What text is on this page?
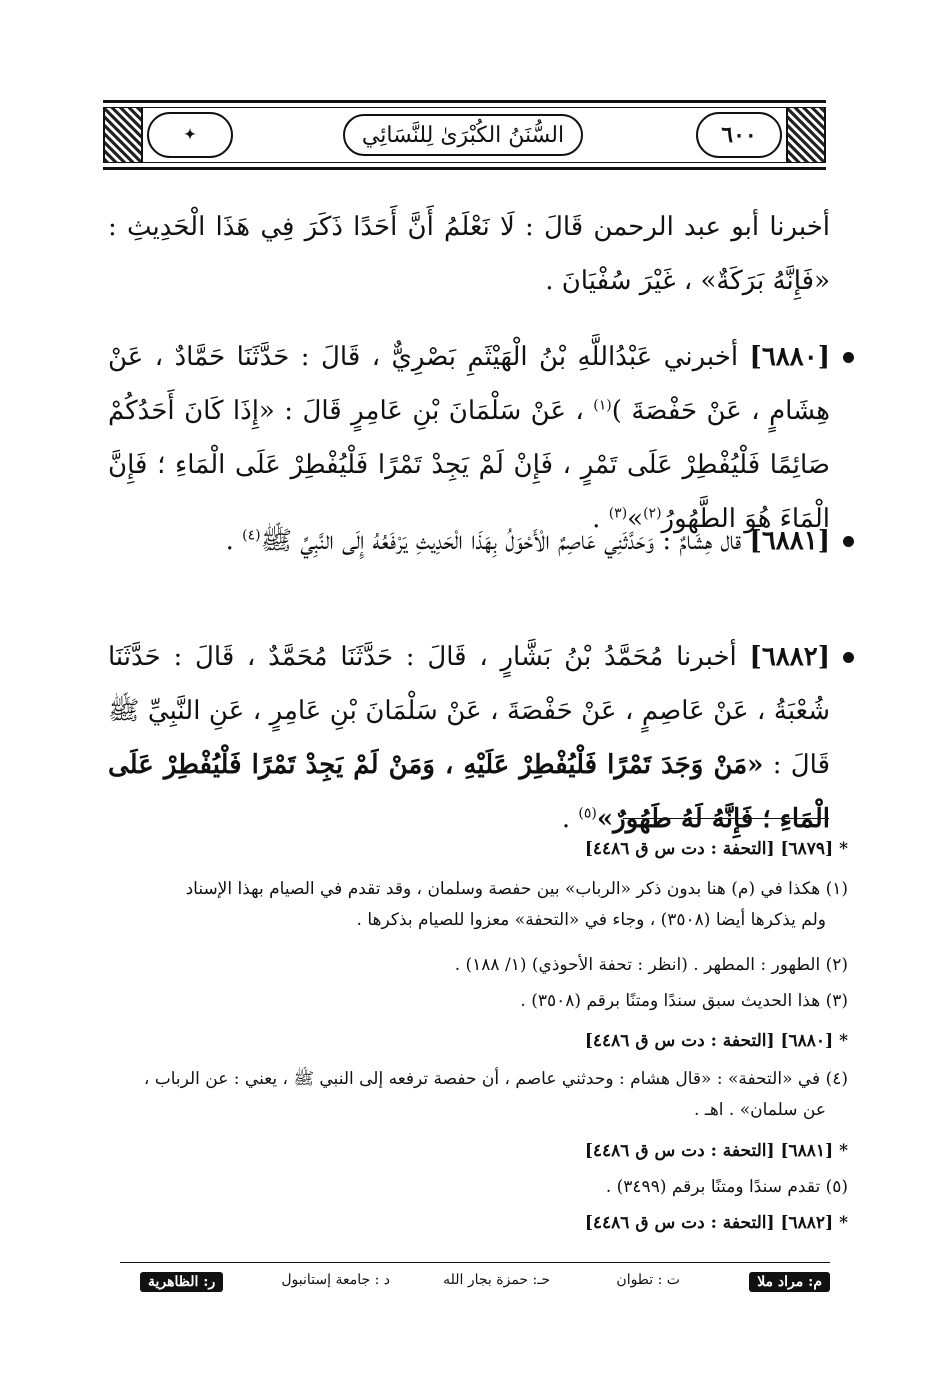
٦٠٠
✦	السُّنَنُ الكُبْرَىٰ لِلنَّسَائِي
أخبرنا أبو عبد الرحمن قَالَ : لَا نَعْلَمُ أَنَّ أَحَدًا ذَكَرَ فِي هَذَا الْحَدِيثِ : «فَإِنَّهُ بَرَكَةٌ» ، غَيْرَ سُفْيَانَ .
[٦٨٨٠] أخبرني عَبْدُاللَّهِ بْنُ الْهَيْثَمِ بَصْرِيٌّ ، قَالَ : حَدَّثَنَا حَمَّادٌ ، عَنْ هِشَامٍ ، عَنْ حَفْصَةَ )$^{(١)}$ ، عَنْ سَلْمَانَ بْنِ عَامِرٍ قَالَ : «إِذَا كَانَ أَحَدُكُمْ صَائِمًا فَلْيُفْطِرْ عَلَى تَمْرٍ ، فَإِنْ لَمْ يَجِدْ تَمْرًا فَلْيُفْطِرْ عَلَى الْمَاءِ ؛ فَإِنَّ الْمَاءَ هُوَ الطَّهُورُ$^{(٢)}$»$^{(٣)}$ .
[٦٨٨١] قال هِشَامٌ : وَحَدَّثَنِي عَاصِمٌ الْأَحْوَلُ بِهَذَا الْحَدِيثِ يَرْفَعُهُ إِلَى النَّبِيِّ ﷺ$^{(٤)}$ .
[٦٨٨٢] أخبرنا مُحَمَّدُ بْنُ بَشَّارٍ ، قَالَ : حَدَّثَنَا مُحَمَّدٌ ، قَالَ : حَدَّثَنَا شُعْبَةُ ، عَنْ عَاصِمٍ ، عَنْ حَفْصَةَ ، عَنْ سَلْمَانَ بْنِ عَامِرٍ ، عَنِ النَّبِيِّ ﷺ قَالَ : «مَنْ وَجَدَ تَمْرًا فَلْيُفْطِرْ عَلَيْهِ ، وَمَنْ لَمْ يَجِدْ تَمْرًا فَلْيُفْطِرْ عَلَى الْمَاءِ ؛ فَإِنَّهُ لَهُ طَهُورٌ»$^{(٥)}$ .
*[٦٨٧٩] [التحفة : دت س ق ٤٤٨٦]
(١) هكذا في (م) هنا بدون ذكر «الرباب» بين حفصة وسلمان ، وقد تقدم في الصيام بهذا الإسناد
ولم يذكرها أيضا (٣٥٠٨) ، وجاء في «التحفة» معزوا للصيام بذكرها .
(٢) الطهور : المطهر . (انظر : تحفة الأحوذي) (١/ ١٨٨) .
(٣) هذا الحديث سبق سندًا ومتنًا برقم (٣٥٠٨) .
*[٦٨٨٠] [التحفة : دت س ق ٤٤٨٦]
(٤) في «التحفة» : «قال هشام : وحدثني عاصم ، أن حفصة ترفعه إلى النبي ﷺ ، يعني : عن الرباب ،
عن سلمان» . اهـ .
*[٦٨٨١] [التحفة : دت س ق ٤٤٨٦]
(٥) تقدم سندًا ومتنًا برقم (٣٤٩٩) .
*[٦٨٨٢] [التحفة : دت س ق ٤٤٨٦]
م: مراد ملا
ت : تطوان
حـ: حمزة بجار الله
د : جامعة إستانبول
ر: الظاهرية
